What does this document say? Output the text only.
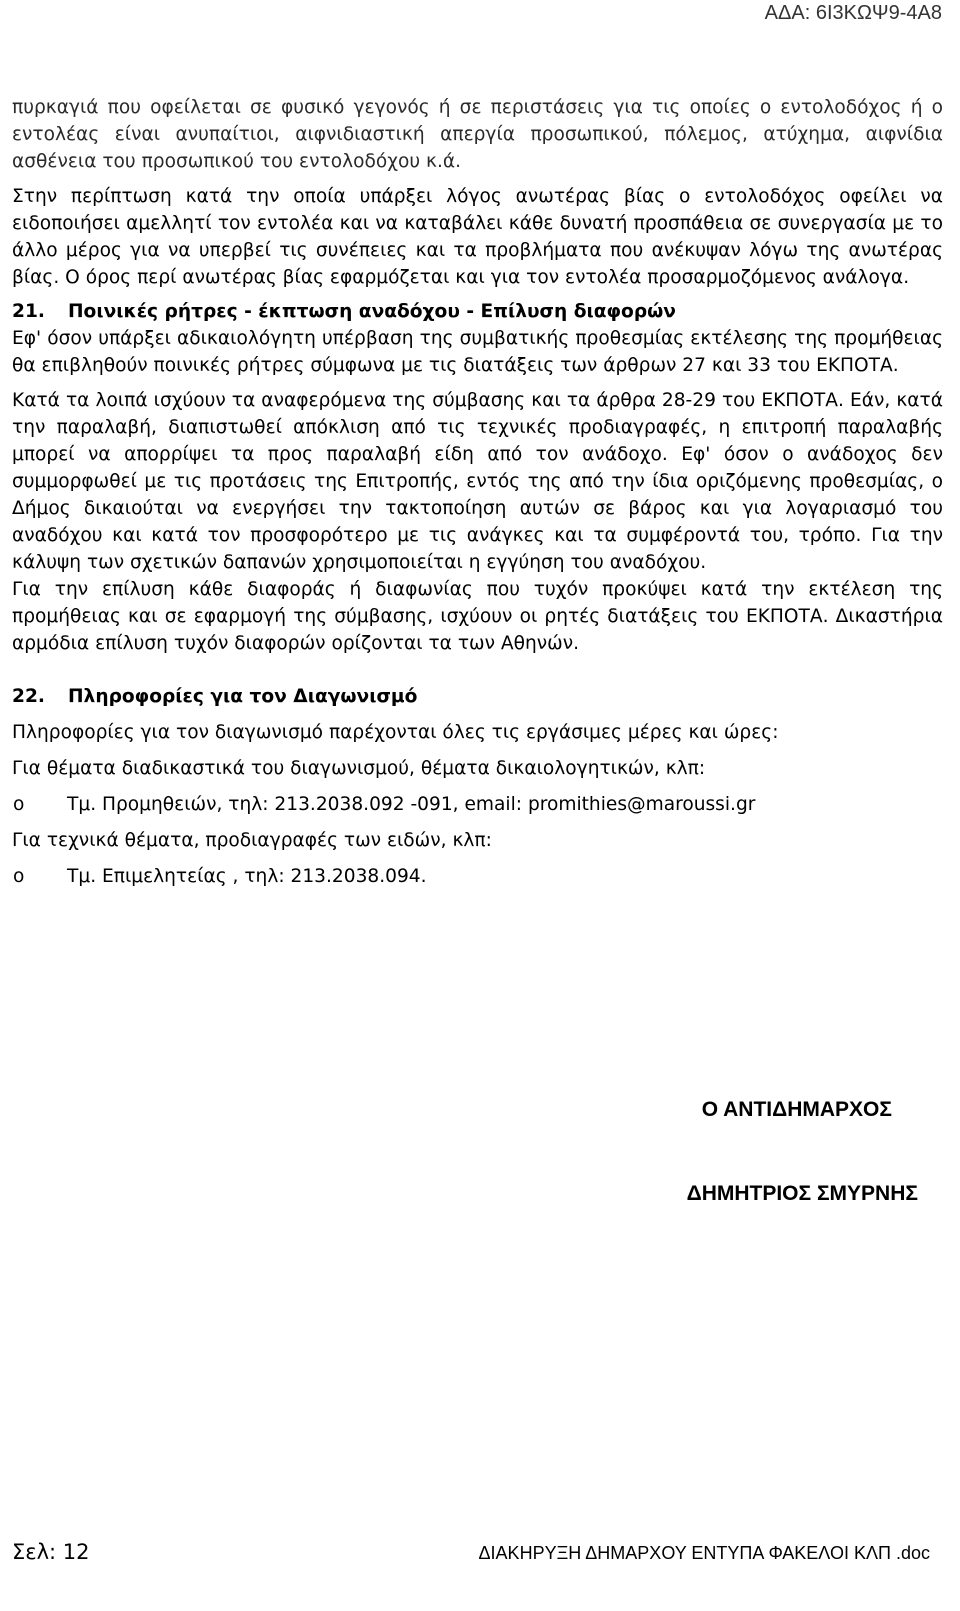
ΑΔΑ: 6Ι3ΚΩΨ9-4Α8

πυρκαγιά που οφείλεται σε φυσικό γεγονός ή σε περιστάσεις για τις οποίες ο εντολοδόχος ή ο εντολέας είναι ανυπαίτιοι, αιφνιδιαστική απεργία προσωπικού, πόλεμος, ατύχημα, αιφνίδια ασθένεια του προσωπικού του εντολοδόχου κ.ά.

Στην περίπτωση κατά την οποία υπάρξει λόγος ανωτέρας βίας ο εντολοδόχος οφείλει να ειδοποιήσει αμελλητί τον εντολέα και να καταβάλει κάθε δυνατή προσπάθεια σε συνεργασία με το άλλο μέρος για να υπερβεί τις συνέπειες και τα προβλήματα που ανέκυψαν λόγω της ανωτέρας βίας. Ο όρος περί ανωτέρας βίας εφαρμόζεται και για τον εντολέα προσαρμοζόμενος ανάλογα.

21.	Ποινικές ρήτρες - έκπτωση αναδόχου - Επίλυση διαφορών

Εφ' όσον υπάρξει αδικαιολόγητη υπέρβαση της συμβατικής προθεσμίας εκτέλεσης της προμήθειας θα επιβληθούν ποινικές ρήτρες σύμφωνα με τις διατάξεις των άρθρων 27 και 33 του ΕΚΠΟΤΑ.

Κατά τα λοιπά ισχύουν τα αναφερόμενα της σύμβασης και τα άρθρα 28-29 του ΕΚΠΟΤΑ. Εάν, κατά την παραλαβή, διαπιστωθεί απόκλιση από τις τεχνικές προδιαγραφές, η επιτροπή παραλαβής μπορεί να απορρίψει τα προς παραλαβή είδη από τον ανάδοχο. Εφ' όσον ο ανάδοχος δεν συμμορφωθεί με τις προτάσεις της Επιτροπής, εντός της από την ίδια οριζόμενης προθεσμίας, ο Δήμος δικαιούται να ενεργήσει την τακτοποίηση αυτών σε βάρος και για λογαριασμό του αναδόχου και κατά τον προσφορότερο με τις ανάγκες και τα συμφέροντά του, τρόπο. Για την κάλυψη των σχετικών δαπανών χρησιμοποιείται η εγγύηση του αναδόχου.

Για την επίλυση κάθε διαφοράς ή διαφωνίας που τυχόν προκύψει κατά την εκτέλεση της προμήθειας και σε εφαρμογή της σύμβασης, ισχύουν οι ρητές διατάξεις του ΕΚΠΟΤΑ. Δικαστήρια αρμόδια επίλυση τυχόν διαφορών ορίζονται τα των Αθηνών.

22.	Πληροφορίες για τον Διαγωνισμό

Πληροφορίες για τον διαγωνισμό παρέχονται όλες τις εργάσιμες μέρες και ώρες:

Για θέματα διαδικαστικά του διαγωνισμού, θέματα δικαιολογητικών, κλπ:

o	Τμ. Προμηθειών, τηλ: 213.2038.092 -091, email: promithies@maroussi.gr

Για τεχνικά θέματα, προδιαγραφές των ειδών, κλπ:

o	Τμ. Επιμελητείας , τηλ: 213.2038.094.
Ο ΑΝΤΙΔΗΜΑΡΧΟΣ
ΔΗΜΗΤΡΙΟΣ ΣΜΥΡΝΗΣ
Σελ: 12	ΔΙΑΚΗΡΥΞΗ ΔΗΜΑΡΧΟΥ ΕΝΤΥΠΑ ΦΑΚΕΛΟΙ ΚΛΠ .doc
